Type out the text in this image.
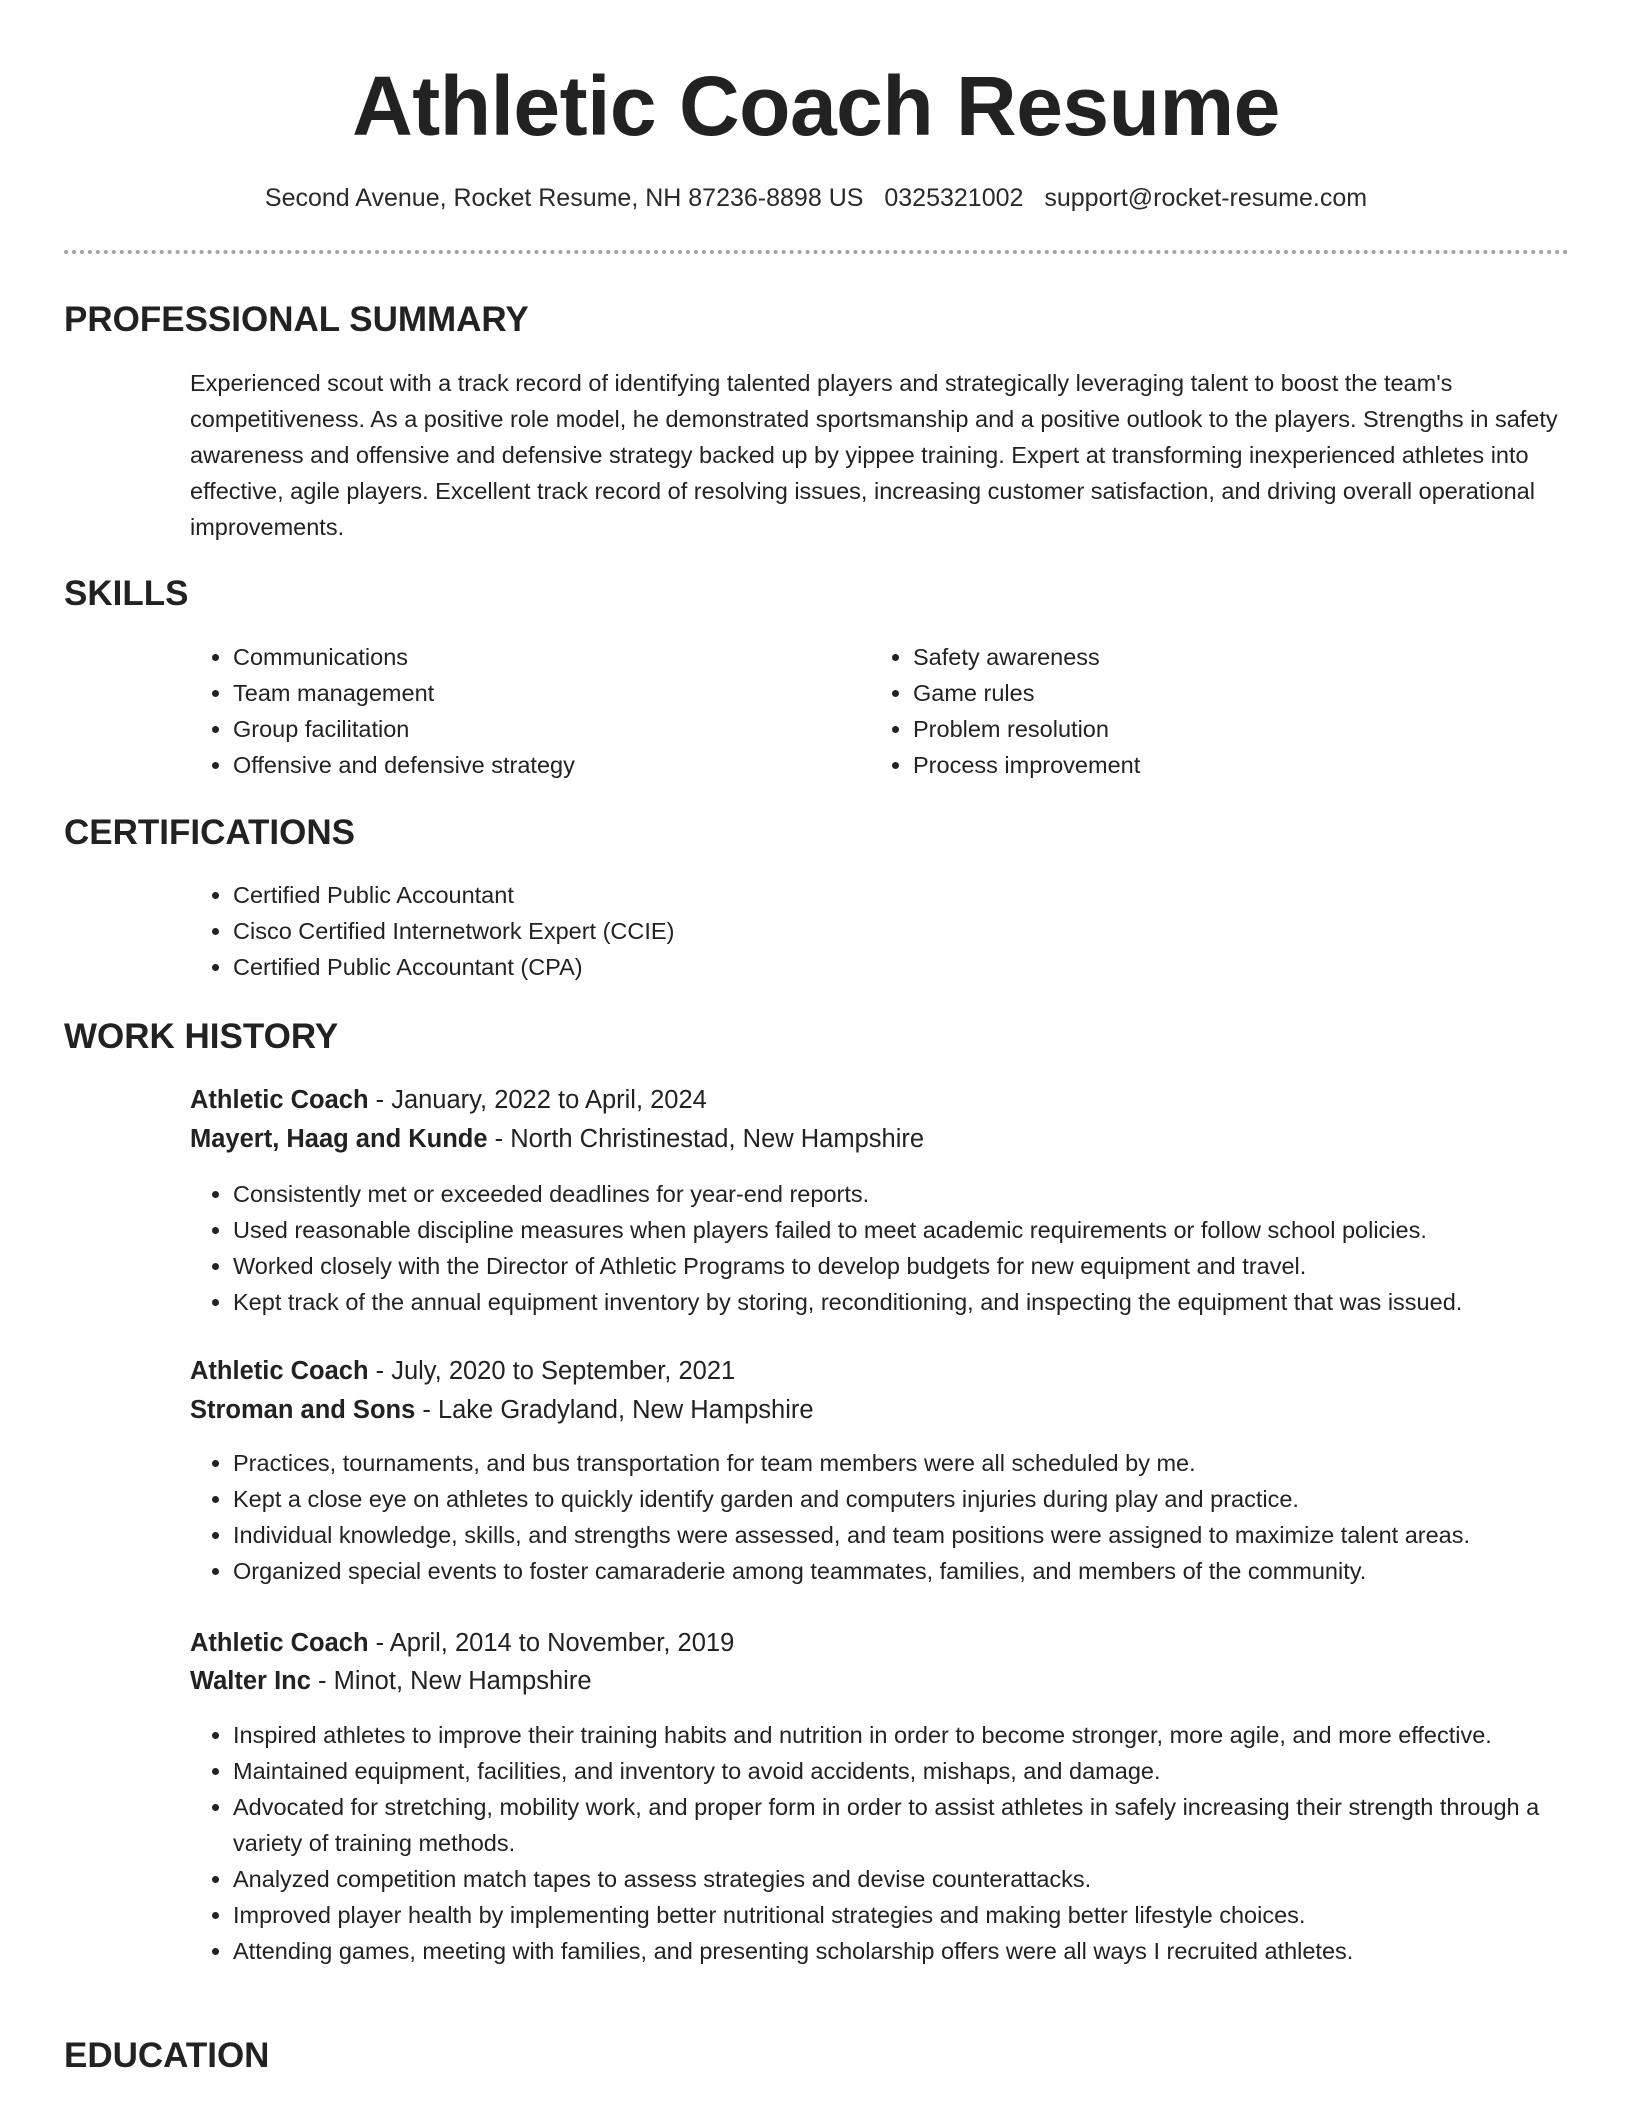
Athletic Coach Resume
Second Avenue, Rocket Resume, NH 87236-8898 US 0325321002 support@rocket-resume.com
PROFESSIONAL SUMMARY

Experienced scout with a track record of identifying talented players and strategically leveraging talent to boost the team's competitiveness. As a positive role model, he demonstrated sportsmanship and a positive outlook to the players. Strengths in safety awareness and offensive and defensive strategy backed up by yippee training. Expert at transforming inexperienced athletes into effective, agile players. Excellent track record of resolving issues, increasing customer satisfaction, and driving overall operational improvements.

SKILLS
• Communications
• Team management
• Group facilitation
• Offensive and defensive strategy
• Safety awareness
• Game rules
• Problem resolution
• Process improvement
CERTIFICATIONS
• Certified Public Accountant
• Cisco Certified Internetwork Expert (CCIE)
• Certified Public Accountant (CPA)
WORK HISTORY
Athletic Coach - January, 2022 to April, 2024
Mayert, Haag and Kunde - North Christinestad, New Hampshire
• Consistently met or exceeded deadlines for year-end reports.
• Used reasonable discipline measures when players failed to meet academic requirements or follow school policies.
• Worked closely with the Director of Athletic Programs to develop budgets for new equipment and travel.
• Kept track of the annual equipment inventory by storing, reconditioning, and inspecting the equipment that was issued.
Athletic Coach - July, 2020 to September, 2021
Stroman and Sons - Lake Gradyland, New Hampshire
• Practices, tournaments, and bus transportation for team members were all scheduled by me.
• Kept a close eye on athletes to quickly identify garden and computers injuries during play and practice.
• Individual knowledge, skills, and strengths were assessed, and team positions were assigned to maximize talent areas.
• Organized special events to foster camaraderie among teammates, families, and members of the community.
Athletic Coach - April, 2014 to November, 2019
Walter Inc - Minot, New Hampshire
• Inspired athletes to improve their training habits and nutrition in order to become stronger, more agile, and more effective.
• Maintained equipment, facilities, and inventory to avoid accidents, mishaps, and damage.
• Advocated for stretching, mobility work, and proper form in order to assist athletes in safely increasing their strength through a variety of training methods.
• Analyzed competition match tapes to assess strategies and devise counterattacks.
• Improved player health by implementing better nutritional strategies and making better lifestyle choices.
• Attending games, meeting with families, and presenting scholarship offers were all ways I recruited athletes.
EDUCATION
